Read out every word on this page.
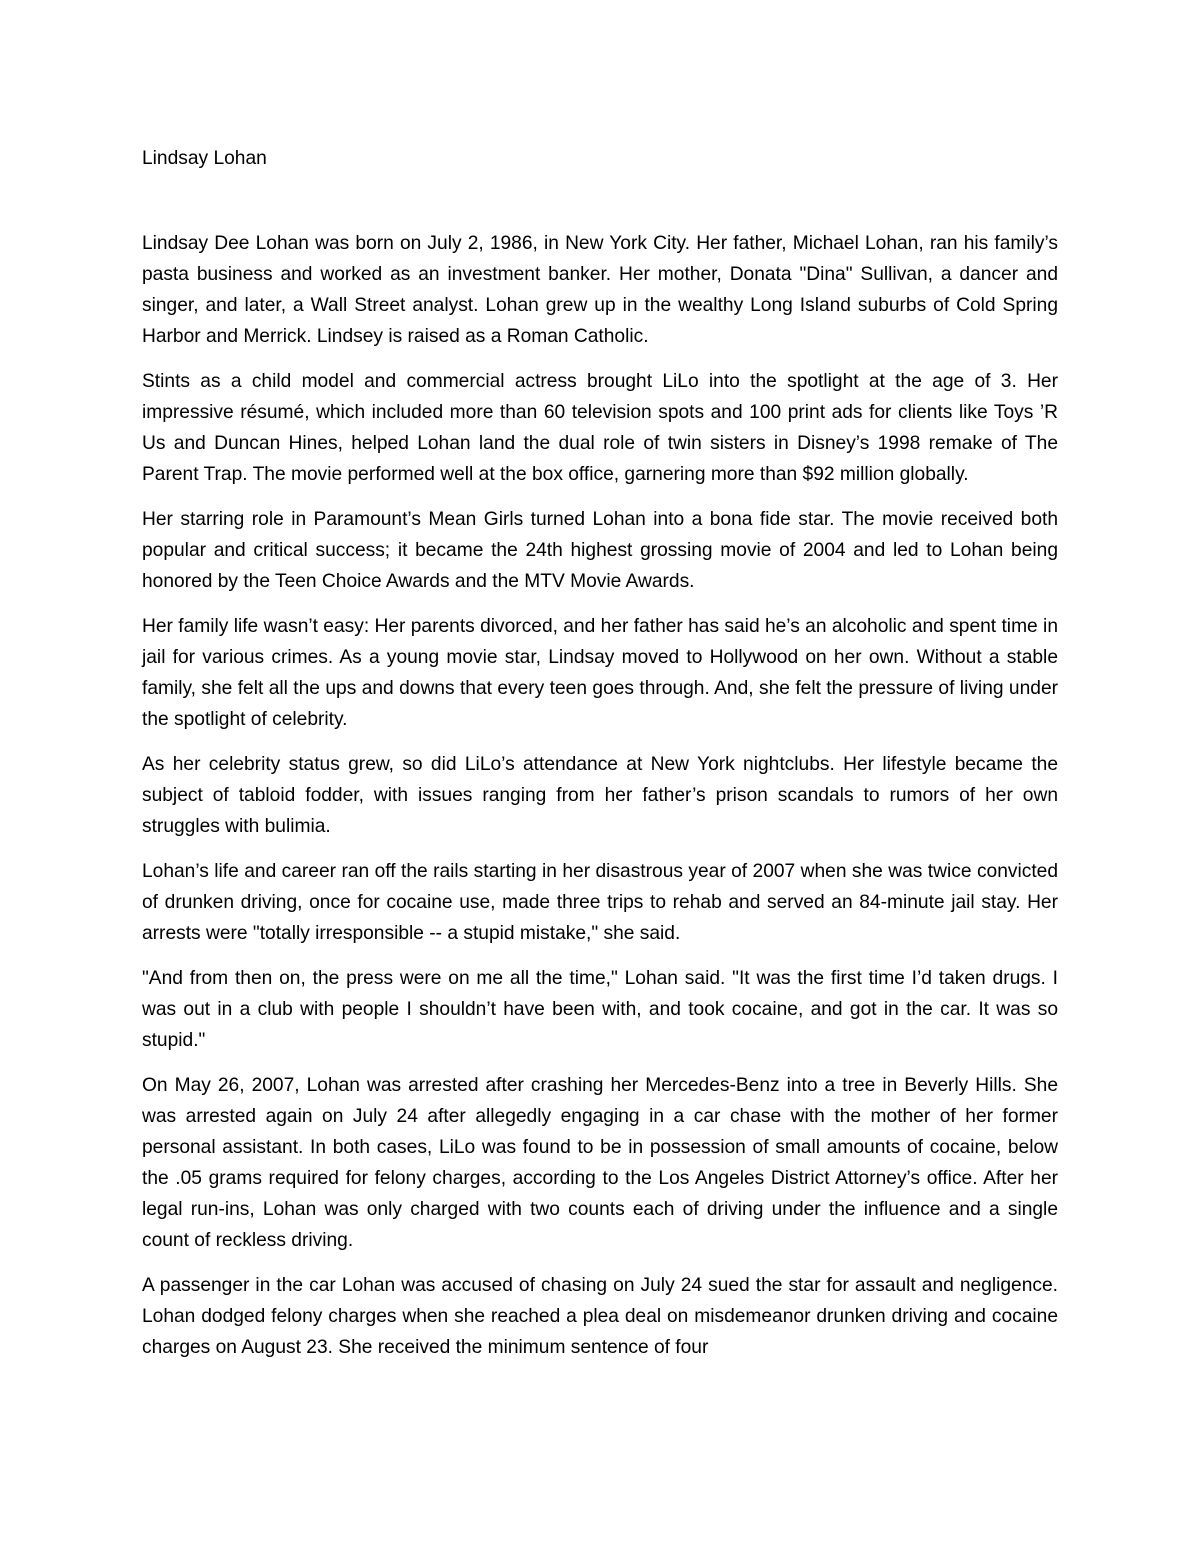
Lindsay Lohan

Lindsay Dee Lohan was born on July 2, 1986, in New York City. Her father, Michael Lohan, ran his family’s pasta business and worked as an investment banker. Her mother, Donata "Dina" Sullivan, a dancer and singer, and later, a Wall Street analyst. Lohan grew up in the wealthy Long Island suburbs of Cold Spring Harbor and Merrick. Lindsey is raised as a Roman Catholic.

Stints as a child model and commercial actress brought LiLo into the spotlight at the age of 3. Her impressive résumé, which included more than 60 television spots and 100 print ads for clients like Toys ’R Us and Duncan Hines, helped Lohan land the dual role of twin sisters in Disney’s 1998 remake of The Parent Trap. The movie performed well at the box office, garnering more than $92 million globally.

Her starring role in Paramount’s Mean Girls turned Lohan into a bona fide star. The movie received both popular and critical success; it became the 24th highest grossing movie of 2004 and led to Lohan being honored by the Teen Choice Awards and the MTV Movie Awards.

Her family life wasn’t easy: Her parents divorced, and her father has said he’s an alcoholic and spent time in jail for various crimes. As a young movie star, Lindsay moved to Hollywood on her own. Without a stable family, she felt all the ups and downs that every teen goes through. And, she felt the pressure of living under the spotlight of celebrity.

As her celebrity status grew, so did LiLo’s attendance at New York nightclubs. Her lifestyle became the subject of tabloid fodder, with issues ranging from her father’s prison scandals to rumors of her own struggles with bulimia.

Lohan’s life and career ran off the rails starting in her disastrous year of 2007 when she was twice convicted of drunken driving, once for cocaine use, made three trips to rehab and served an 84-minute jail stay. Her arrests were "totally irresponsible -- a stupid mistake," she said.

"And from then on, the press were on me all the time," Lohan said. "It was the first time I’d taken drugs. I was out in a club with people I shouldn’t have been with, and took cocaine, and got in the car. It was so stupid."

On May 26, 2007, Lohan was arrested after crashing her Mercedes-Benz into a tree in Beverly Hills. She was arrested again on July 24 after allegedly engaging in a car chase with the mother of her former personal assistant. In both cases, LiLo was found to be in possession of small amounts of cocaine, below the .05 grams required for felony charges, according to the Los Angeles District Attorney’s office. After her legal run-ins, Lohan was only charged with two counts each of driving under the influence and a single count of reckless driving.

A passenger in the car Lohan was accused of chasing on July 24 sued the star for assault and negligence. Lohan dodged felony charges when she reached a plea deal on misdemeanor drunken driving and cocaine charges on August 23. She received the minimum sentence of four
